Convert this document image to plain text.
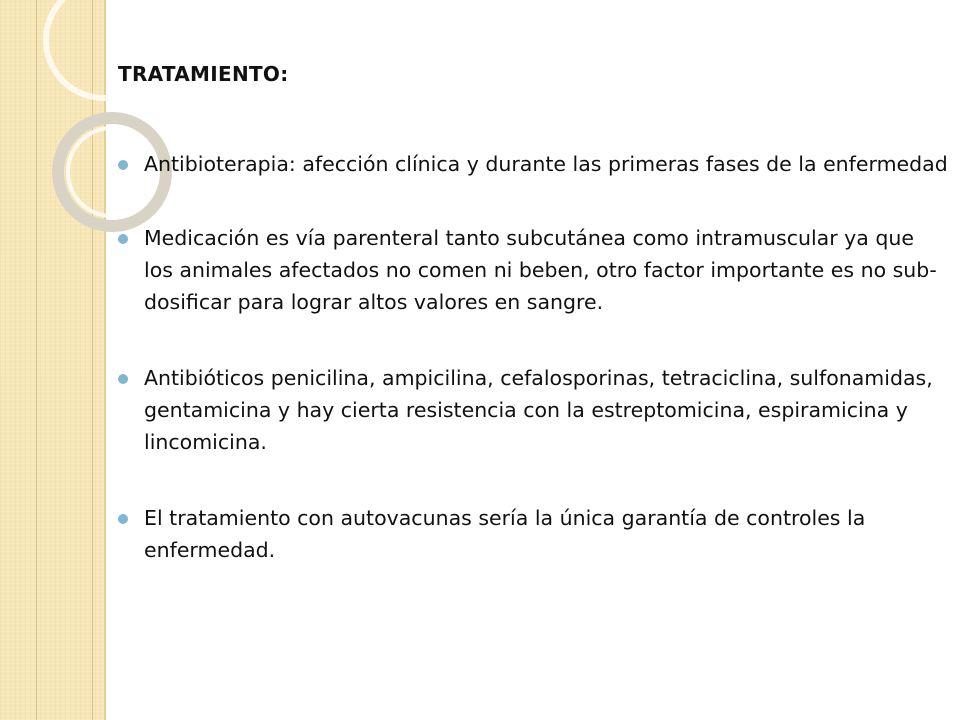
TRATAMIENTO:
Antibioterapia: afección clínica y durante las primeras fases de la enfermedad
Medicación es vía parenteral tanto subcutánea como intramuscular ya que los animales afectados no comen ni beben, otro factor importante es no sub-dosificar para lograr altos valores en sangre.
Antibióticos penicilina, ampicilina, cefalosporinas, tetraciclina, sulfonamidas, gentamicina y hay cierta resistencia con la estreptomicina, espiramicina y lincomicina.
El tratamiento con autovacunas sería la única garantía de controles la enfermedad.
